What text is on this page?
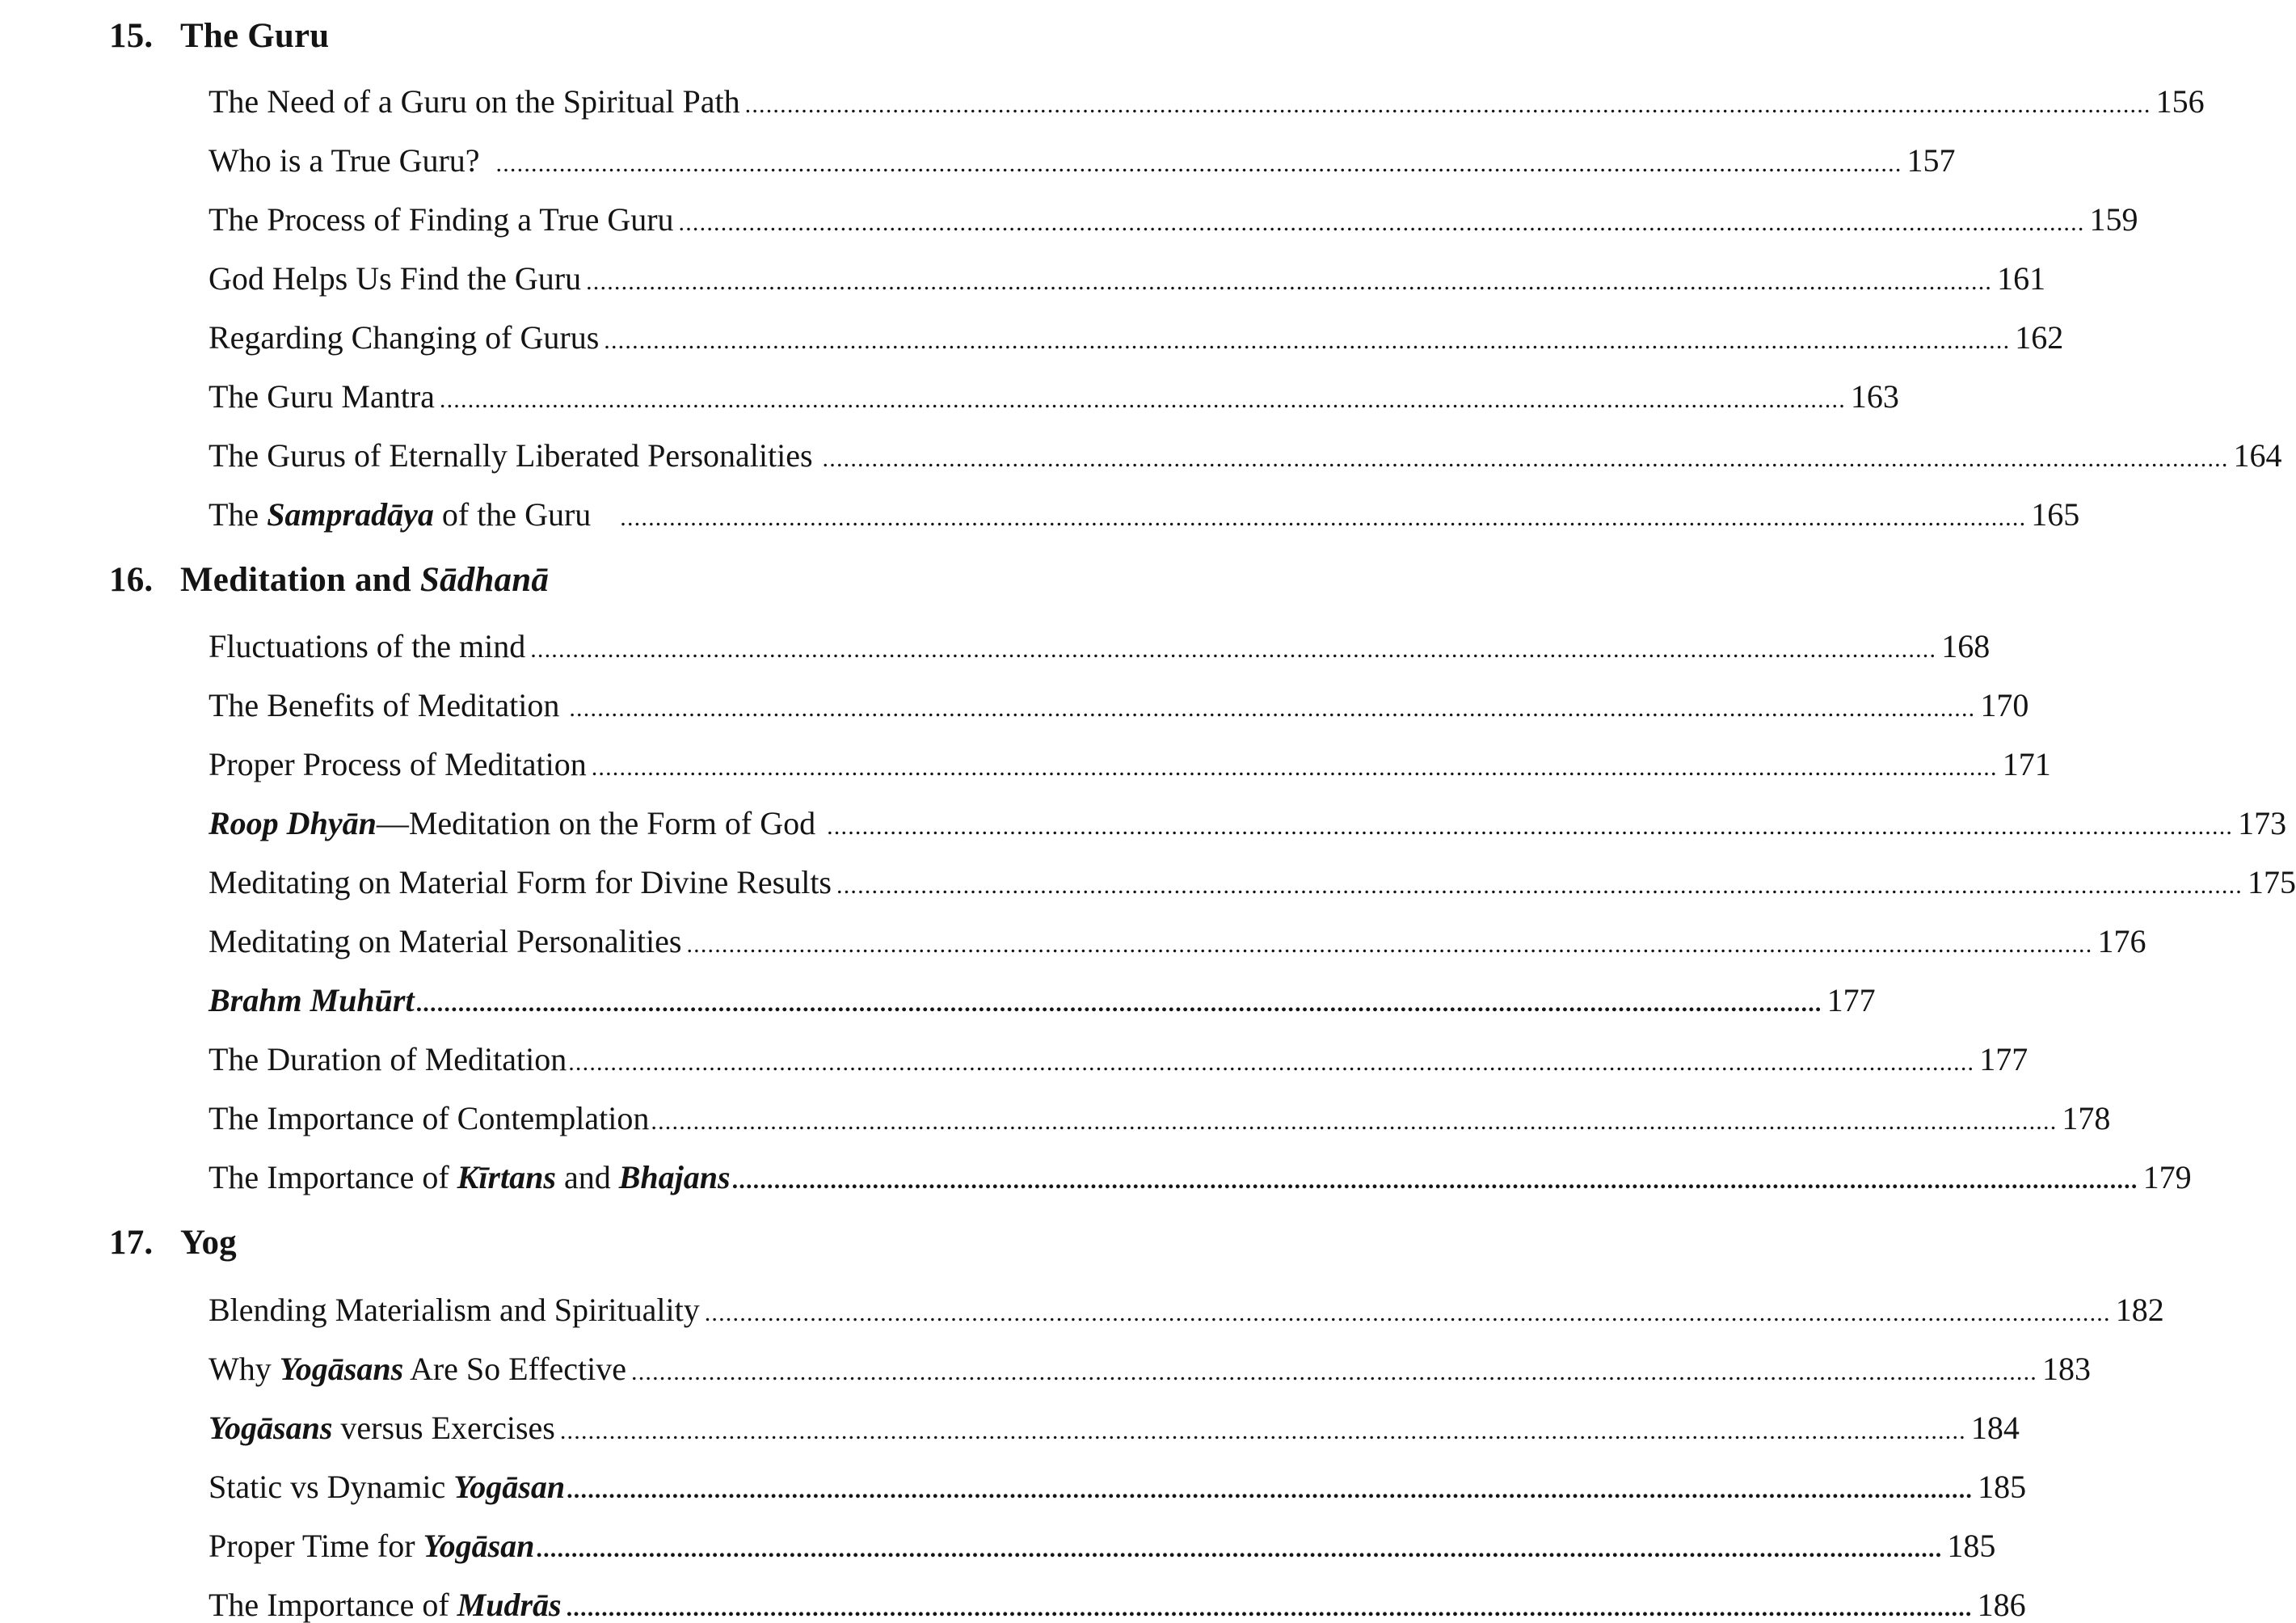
15. The Guru
The Need of a Guru on the Spiritual Path ........................................................................................................................................................................................................ 156
Who is a True Guru? ........................................................................................................................................................................................................ 157
The Process of Finding a True Guru ........................................................................................................................................................................................................ 159
God Helps Us Find the Guru ........................................................................................................................................................................................................ 161
Regarding Changing of Gurus ........................................................................................................................................................................................................ 162
The Guru Mantra ........................................................................................................................................................................................................ 163
The Gurus of Eternally Liberated Personalities ........................................................................................................................................................................................................ 164
The Sampradāya of the Guru ........................................................................................................................................................................................................ 165
16. Meditation and Sādhanā
Fluctuations of the mind ........................................................................................................................................................................................................ 168
The Benefits of Meditation ........................................................................................................................................................................................................ 170
Proper Process of Meditation ........................................................................................................................................................................................................ 171
Roop Dhyān—Meditation on the Form of God ........................................................................................................................................................................................................ 173
Meditating on Material Form for Divine Results ........................................................................................................................................................................................................ 175
Meditating on Material Personalities ........................................................................................................................................................................................................ 176
Brahm Muhūrt ........................................................................................................................................................................................................ 177
The Duration of Meditation ........................................................................................................................................................................................................ 177
The Importance of Contemplation ........................................................................................................................................................................................................ 178
The Importance of Kīrtans and Bhajans ........................................................................................................................................................................................................ 179
17. Yog
Blending Materialism and Spirituality ........................................................................................................................................................................................................ 182
Why Yogāsans Are So Effective ........................................................................................................................................................................................................ 183
Yogāsans versus Exercises ........................................................................................................................................................................................................ 184
Static vs Dynamic Yogāsan ........................................................................................................................................................................................................ 185
Proper Time for Yogāsan ........................................................................................................................................................................................................ 185
The Importance of Mudrās ........................................................................................................................................................................................................ 186
